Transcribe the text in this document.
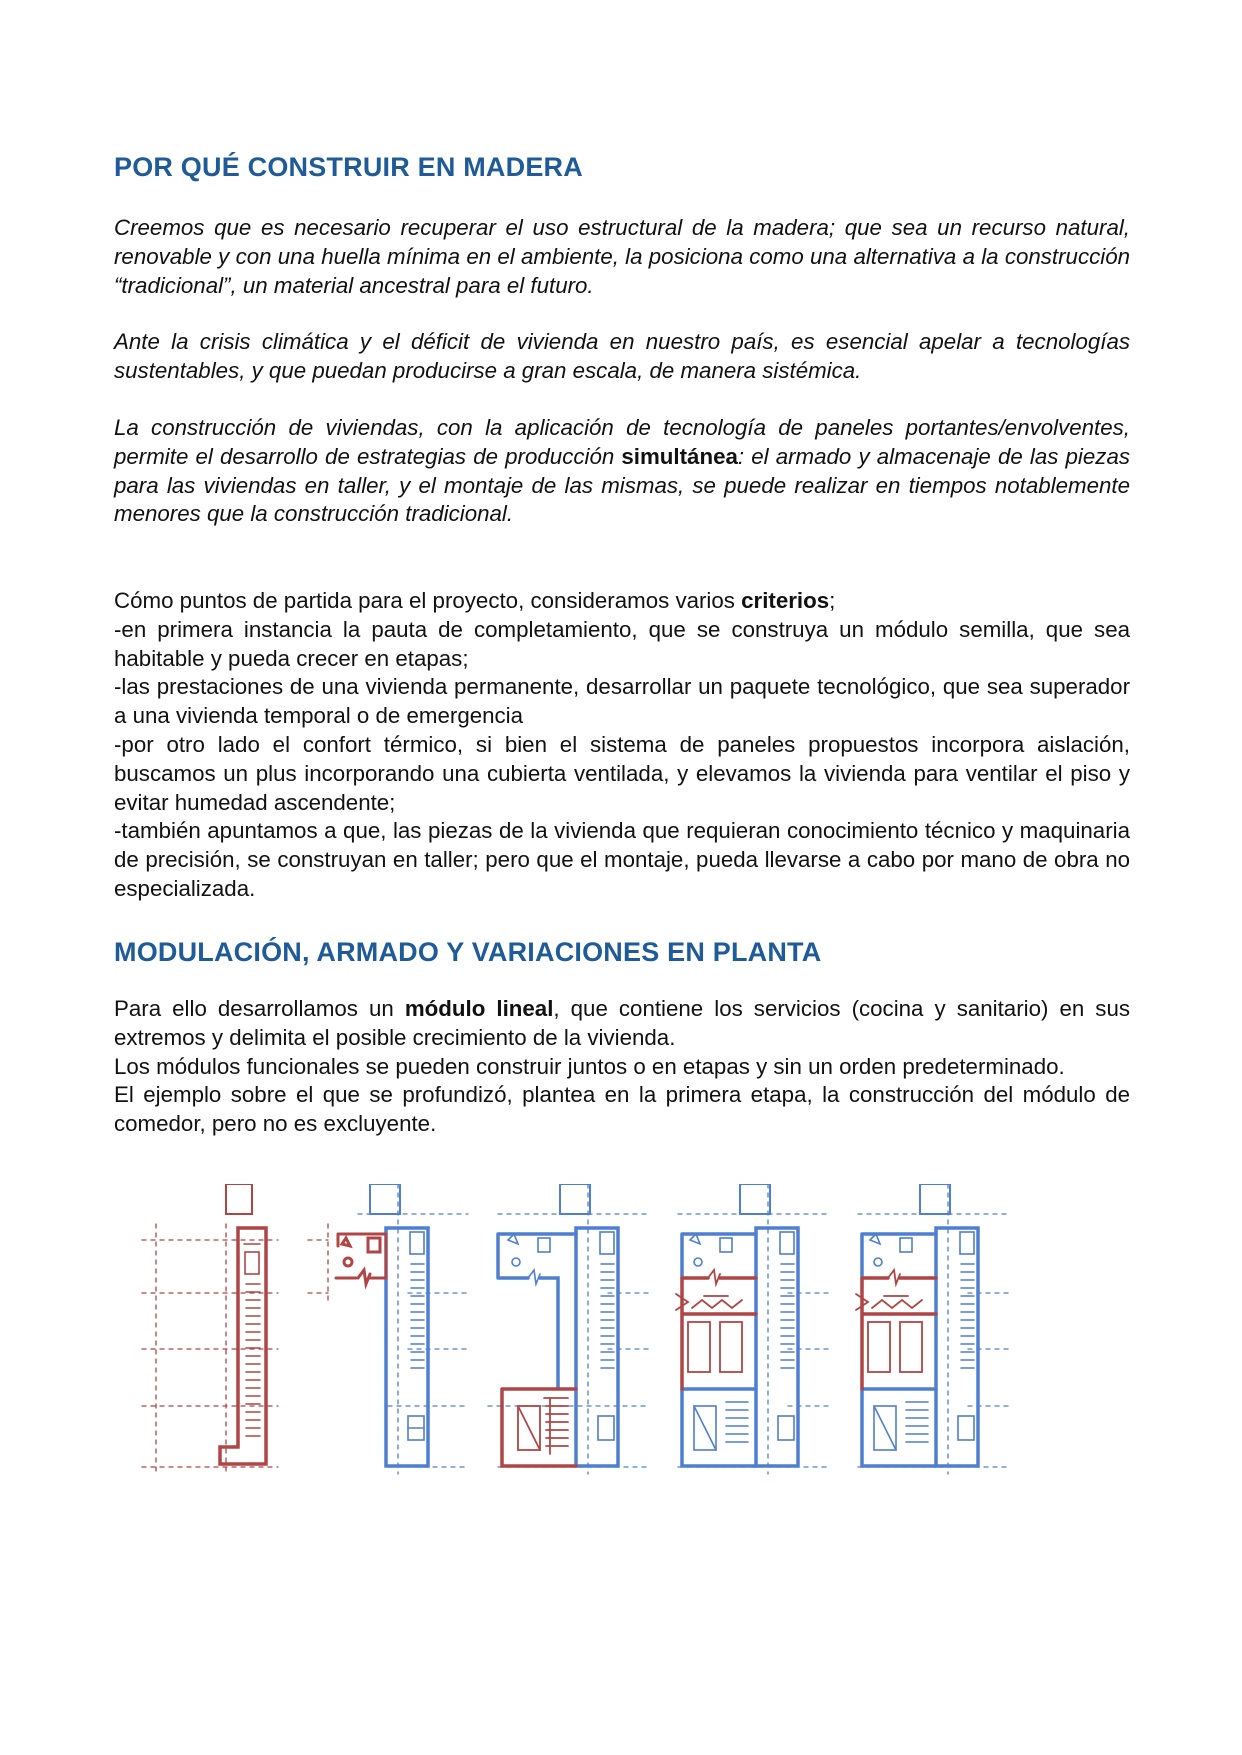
POR QUÉ CONSTRUIR EN MADERA

Creemos que es necesario recuperar el uso estructural de la madera; que sea un recurso natural, renovable y con una huella mínima en el ambiente, la posiciona como una alternativa a la construcción “tradicional”, un material ancestral para el futuro.

Ante la crisis climática y el déficit de vivienda en nuestro país, es esencial apelar a tecnologías sustentables, y que puedan producirse a gran escala, de manera sistémica.

La construcción de viviendas, con la aplicación de tecnología de paneles portantes/envolventes, permite el desarrollo de estrategias de producción simultánea: el armado y almacenaje de las piezas para las viviendas en taller, y el montaje de las mismas, se puede realizar en tiempos notablemente menores que la construcción tradicional.

Cómo puntos de partida para el proyecto, consideramos varios criterios;
-en primera instancia la pauta de completamiento, que se construya un módulo semilla, que sea habitable y pueda crecer en etapas;
-las prestaciones de una vivienda permanente, desarrollar un paquete tecnológico, que sea superador a una vivienda temporal o de emergencia
-por otro lado el confort térmico, si bien el sistema de paneles propuestos incorpora aislación, buscamos un plus incorporando una cubierta ventilada, y elevamos la vivienda para ventilar el piso y evitar humedad ascendente;
-también apuntamos a que, las piezas de la vivienda que requieran conocimiento técnico y maquinaria de precisión, se construyan en taller; pero que el montaje, pueda llevarse a cabo por mano de obra no especializada.
MODULACIÓN, ARMADO Y VARIACIONES EN PLANTA
Para ello desarrollamos un módulo lineal, que contiene los servicios (cocina y sanitario) en sus extremos y delimita el posible crecimiento de la vivienda.
Los módulos funcionales se pueden construir juntos o en etapas y sin un orden predeterminado.
El ejemplo sobre el que se profundizó, plantea en la primera etapa, la construcción del módulo de comedor, pero no es excluyente.
